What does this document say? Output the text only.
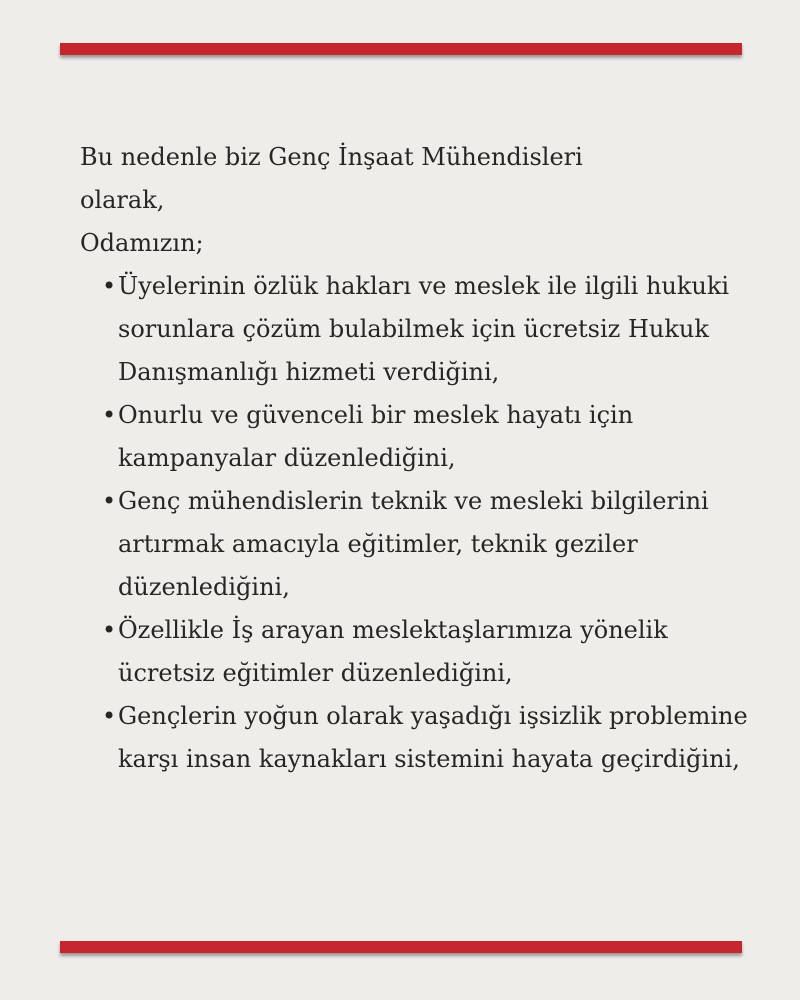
Bu nedenle biz Genç İnşaat Mühendisleri

olarak,

Odamızın;

• Üyelerinin özlük hakları ve meslek ile ilgili hukuki sorunlara çözüm bulabilmek için ücretsiz Hukuk Danışmanlığı hizmeti verdiğini,
• Onurlu ve güvenceli bir meslek hayatı için kampanyalar düzenlediğini,
• Genç mühendislerin teknik ve mesleki bilgilerini artırmak amacıyla eğitimler, teknik geziler düzenlediğini,
• Özellikle İş arayan meslektaşlarımıza yönelik ücretsiz eğitimler düzenlediğini,
• Gençlerin yoğun olarak yaşadığı işsizlik problemine karşı insan kaynakları sistemini hayata geçirdiğini,
